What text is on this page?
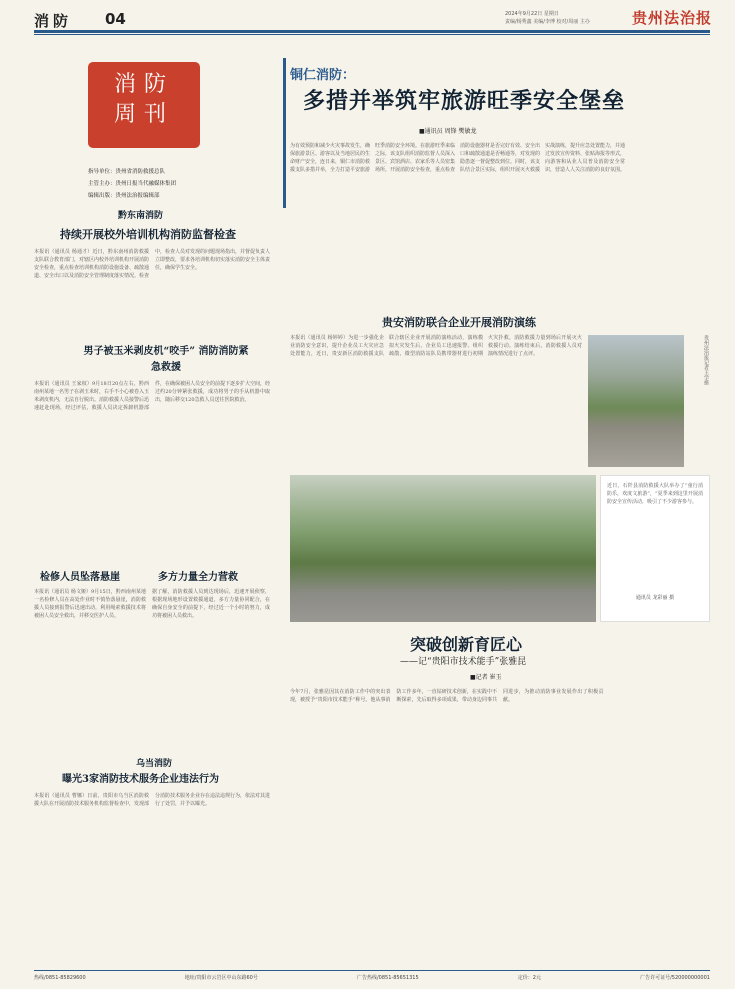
消防 04	2024年9月22日 星期日
责编/杨秀鑫 美编/李博 校对/周丽 主办	贵州法治报
消防
周刊
指导单位：贵州省消防救援总队
主管主办：贵州日报当代融媒体集团
编辑出版：贵州法治报编辑部
铜仁消防：
多措并举筑牢旅游旺季安全堡垒
■通讯员 周锋 樊敏龙
为有效预防和减少火灾事故发生，确保旅游景区、游客以及当地居民的生命财产安全，连日来，铜仁市消防救援支队多措并举，全力打造平安旅游旺季消防安全环境。在旅游旺季来临之际，该支队组织消防监督人员深入景区、宾馆酒店、农家乐等人员密集场所，开展消防安全检查，重点检查消防设施器材是否完好有效、安全出口和疏散通道是否畅通等，对发现的隐患逐一督促整改到位。同时，该支队结合景区实际，组织开展灭火救援实战演练，提升应急处置能力，并通过发放宣传资料、张贴海报等形式，向游客和从业人员普及消防安全常识，营造人人关注消防的良好氛围。
黔东南消防
持续开展校外培训机构消防监督检查
本报讯（通讯员 杨通才）近日，黔东南州消防救援支队联合教育部门，对辖区内校外培训机构开展消防安全检查，重点检查培训机构消防设施设备、疏散通道、安全出口以及消防安全管理制度落实情况。检查中，检查人员对发现的问题现场指出，并督促负责人立即整改，要求各培训机构切实落实消防安全主体责任，确保学生安全。
男子被玉米剥皮机“咬手” 消防消防紧急救援
本报讯（通讯员 王家权）9月18日20点左右，黔西南州某地一名男子在剥玉米时，右手不小心被卷入玉米剥皮机内，无法自行脱出。消防救援人员接警后迅速赶赴现场，经过评估，救援人员决定拆卸机器部件，在确保被困人员安全的前提下逐步扩大空间，经过约20分钟紧张救援，成功将男子的手从机器中取出，随后移交120急救人员送往医院救治。
检修人员坠落悬崖	多方力量全力营救
本报讯（通讯员 杨文姬）9月15日，黔西南州某地一名检修人员在高处作业时不慎坠落悬崖，消防救援人员接到报警后迅速出动，利用绳索救援技术将被困人员安全救出，并移交医护人员。
据了解，消防救援人员到达现场后，迅速开展侦察，根据现场地形设置救援通道，多方力量协同配合，在确保自身安全的前提下，经过近一个小时的努力，成功将被困人员救出。
乌当消防
曝光3家消防技术服务企业违法行为
本报讯（通讯员 曹娜）日前，贵阳市乌当区消防救援大队在开展消防技术服务机构监督检查中，发现部分消防技术服务企业存在违法违规行为，依法对其进行了处罚，并予以曝光。
贵安消防联合企业开展消防演练
本报讯（通讯员 杨婷婷）为进一步强化企业消防安全意识，提升企业员工火灾应急处置能力，近日，贵安新区消防救援支队联合辖区企业开展消防演练活动，演练模拟火灾发生后，企业员工迅速报警、组织疏散，微型消防站队员携带器材进行初期火灾扑救，消防救援力量到场后开展灭火救援行动。演练结束后，消防救援人员对演练情况进行了点评。	贵州法治报记者王学摄
近日，石阡县消防救援大队举办了“童行消防乐，欢度文旅游”，“夏季来到这里开展消防安全宣传活动，吸引了不少游客参与。
通讯员 龙彩丽 摄
突破创新育匠心
——记“贵阳市技术能手”张雅昆
■记者 崔玉
今年7月，张雅昆因其在消防工作中的突出表现，被授予“贵阳市技术能手”称号。他从事消防工作多年，一直钻研技术创新，在实践中不断探索，先后取得多项成果，带动身边同事共同进步，为推动消防事业发展作出了积极贡献。
热线/0851-85829600	地址/贵阳市云岩区中山东路60号	广告热线/0851-85651315	定价：2元	广告许可证号/520000000001
